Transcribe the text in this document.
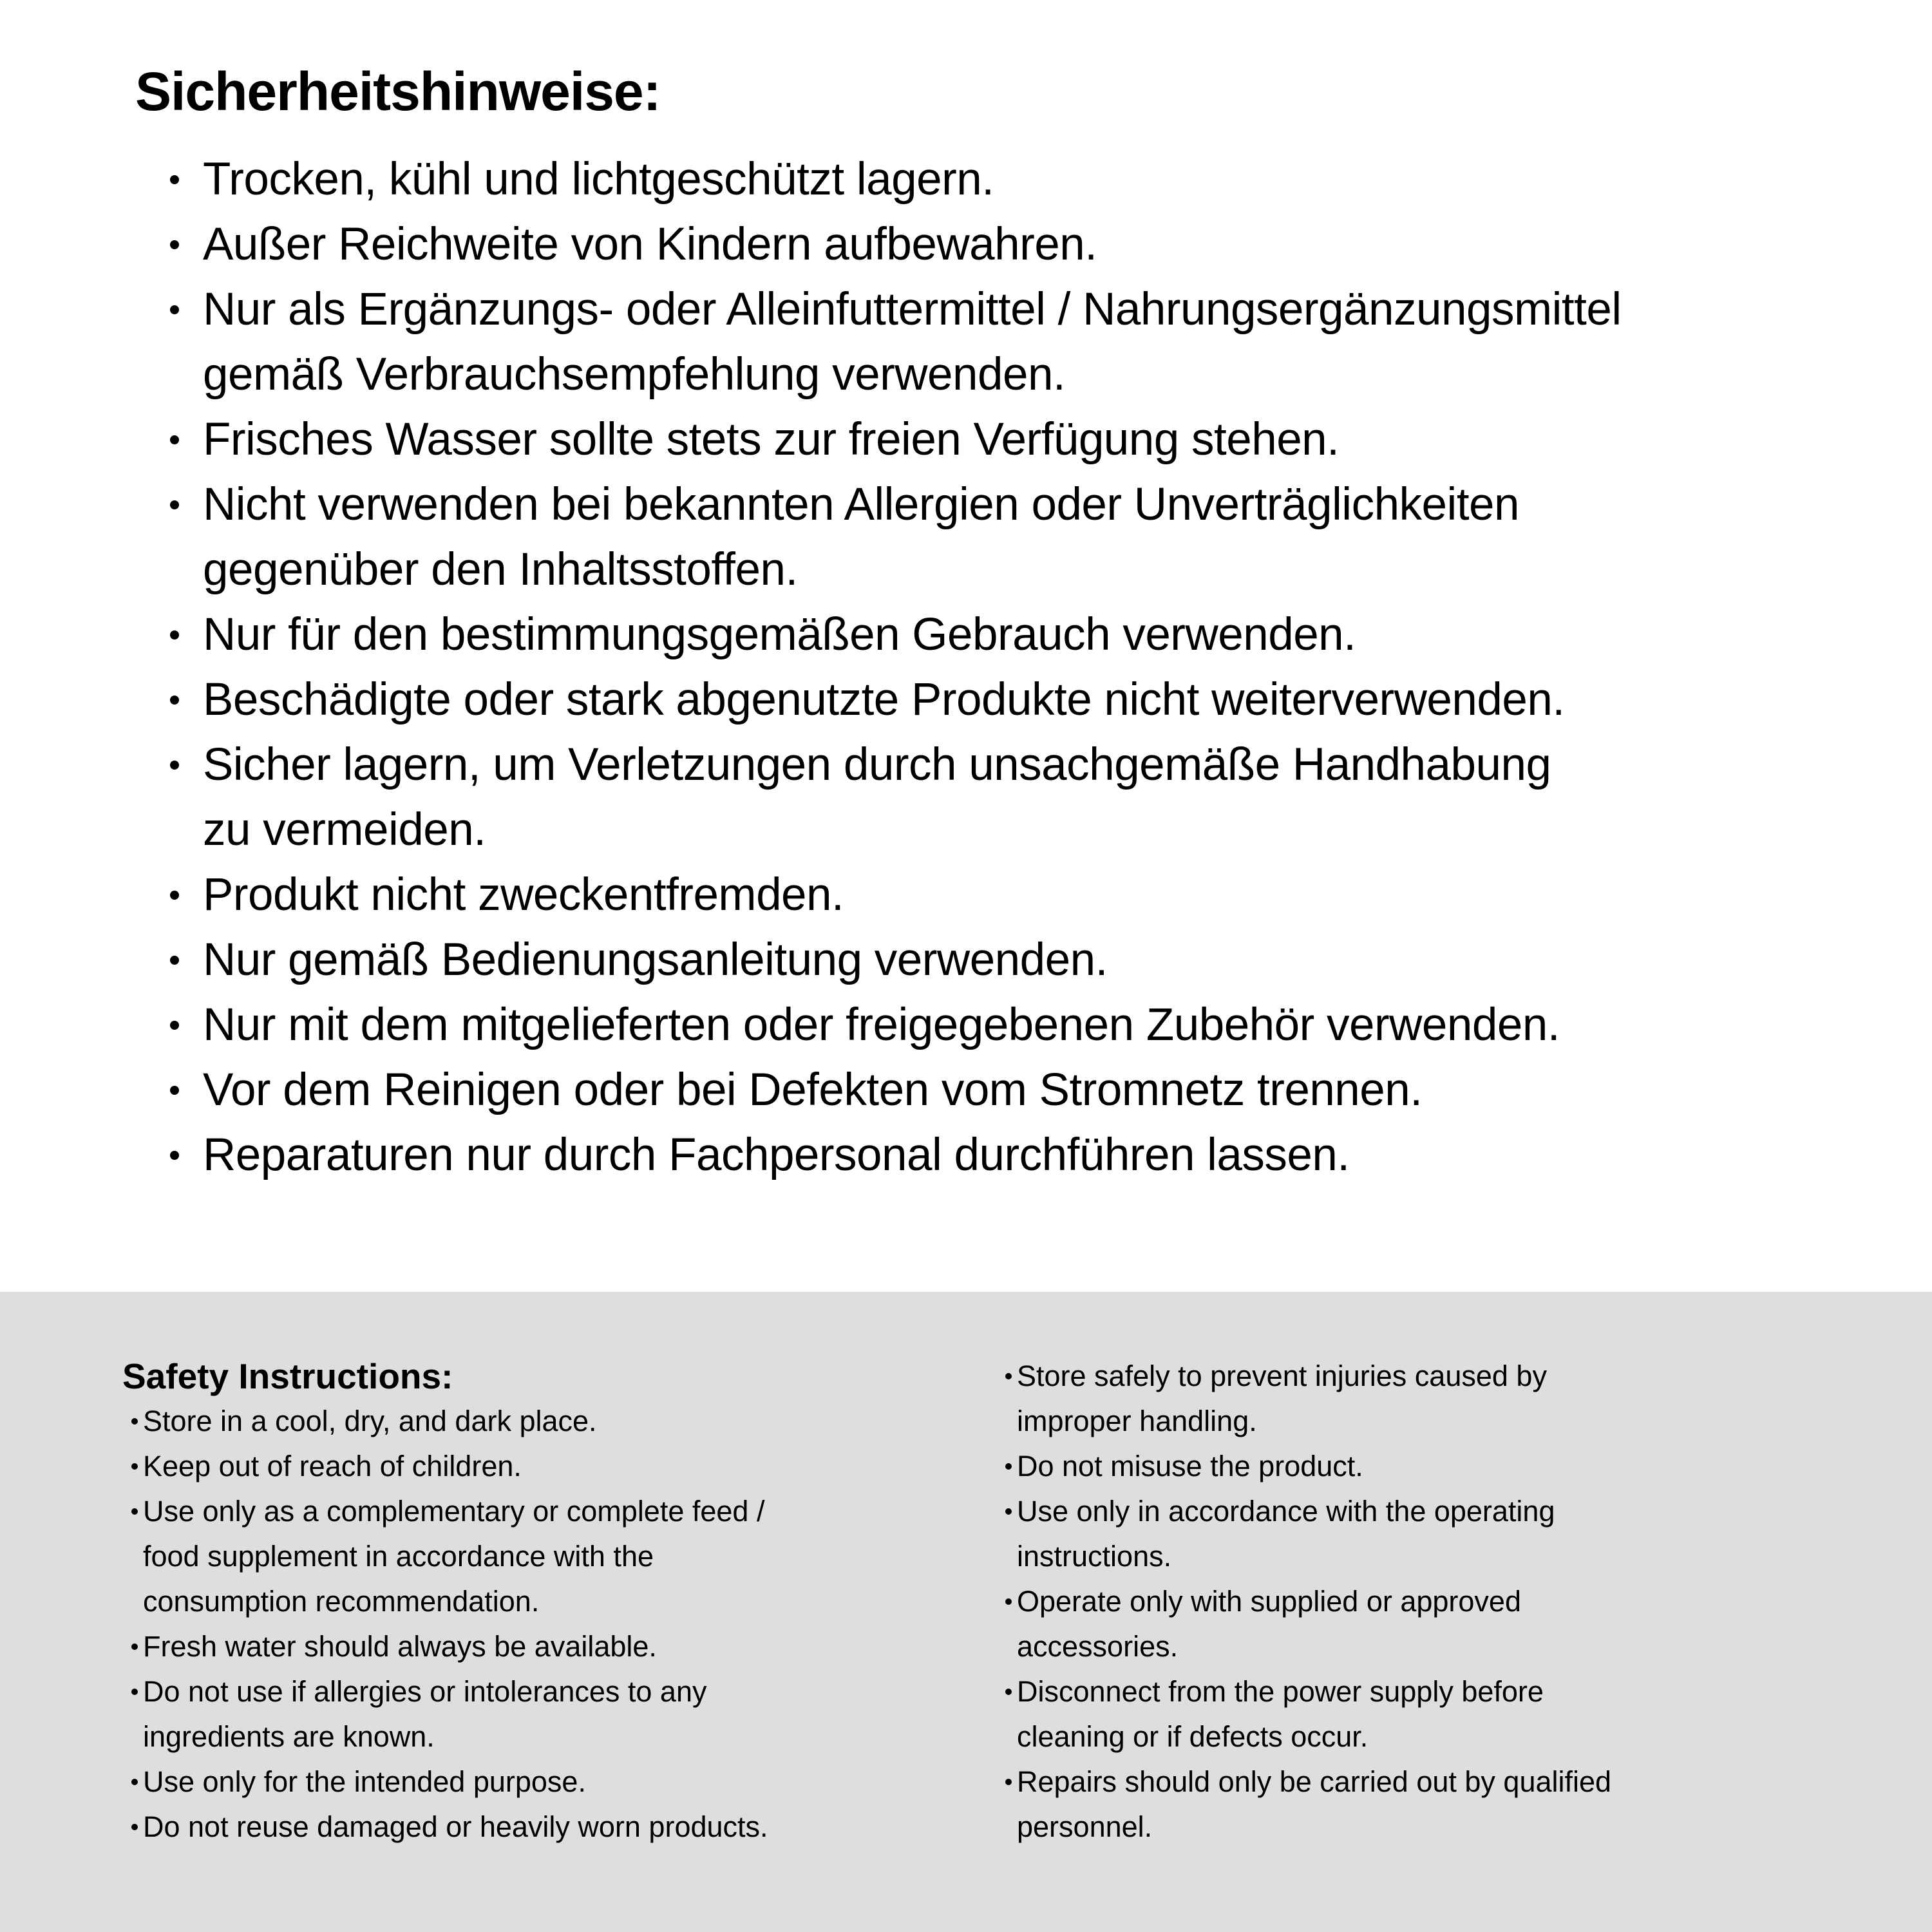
Sicherheitshinweise:
Trocken, kühl und lichtgeschützt lagern.
Außer Reichweite von Kindern aufbewahren.
Nur als Ergänzungs- oder Alleinfuttermittel / Nahrungsergänzungsmittel
gemäß Verbrauchsempfehlung verwenden.
Frisches Wasser sollte stets zur freien Verfügung stehen.
Nicht verwenden bei bekannten Allergien oder Unverträglichkeiten
gegenüber den Inhaltsstoffen.
Nur für den bestimmungsgemäßen Gebrauch verwenden.
Beschädigte oder stark abgenutzte Produkte nicht weiterverwenden.
Sicher lagern, um Verletzungen durch unsachgemäße Handhabung
zu vermeiden.
Produkt nicht zweckentfremden.
Nur gemäß Bedienungsanleitung verwenden.
Nur mit dem mitgelieferten oder freigegebenen Zubehör verwenden.
Vor dem Reinigen oder bei Defekten vom Stromnetz trennen.
Reparaturen nur durch Fachpersonal durchführen lassen.
Safety Instructions:
Store in a cool, dry, and dark place.
Keep out of reach of children.
Use only as a complementary or complete feed /
food supplement in accordance with the
consumption recommendation.
Fresh water should always be available.
Do not use if allergies or intolerances to any
ingredients are known.
Use only for the intended purpose.
Do not reuse damaged or heavily worn products.
Store safely to prevent injuries caused by
improper handling.
Do not misuse the product.
Use only in accordance with the operating
instructions.
Operate only with supplied or approved
accessories.
Disconnect from the power supply before
cleaning or if defects occur.
Repairs should only be carried out by qualified
personnel.
